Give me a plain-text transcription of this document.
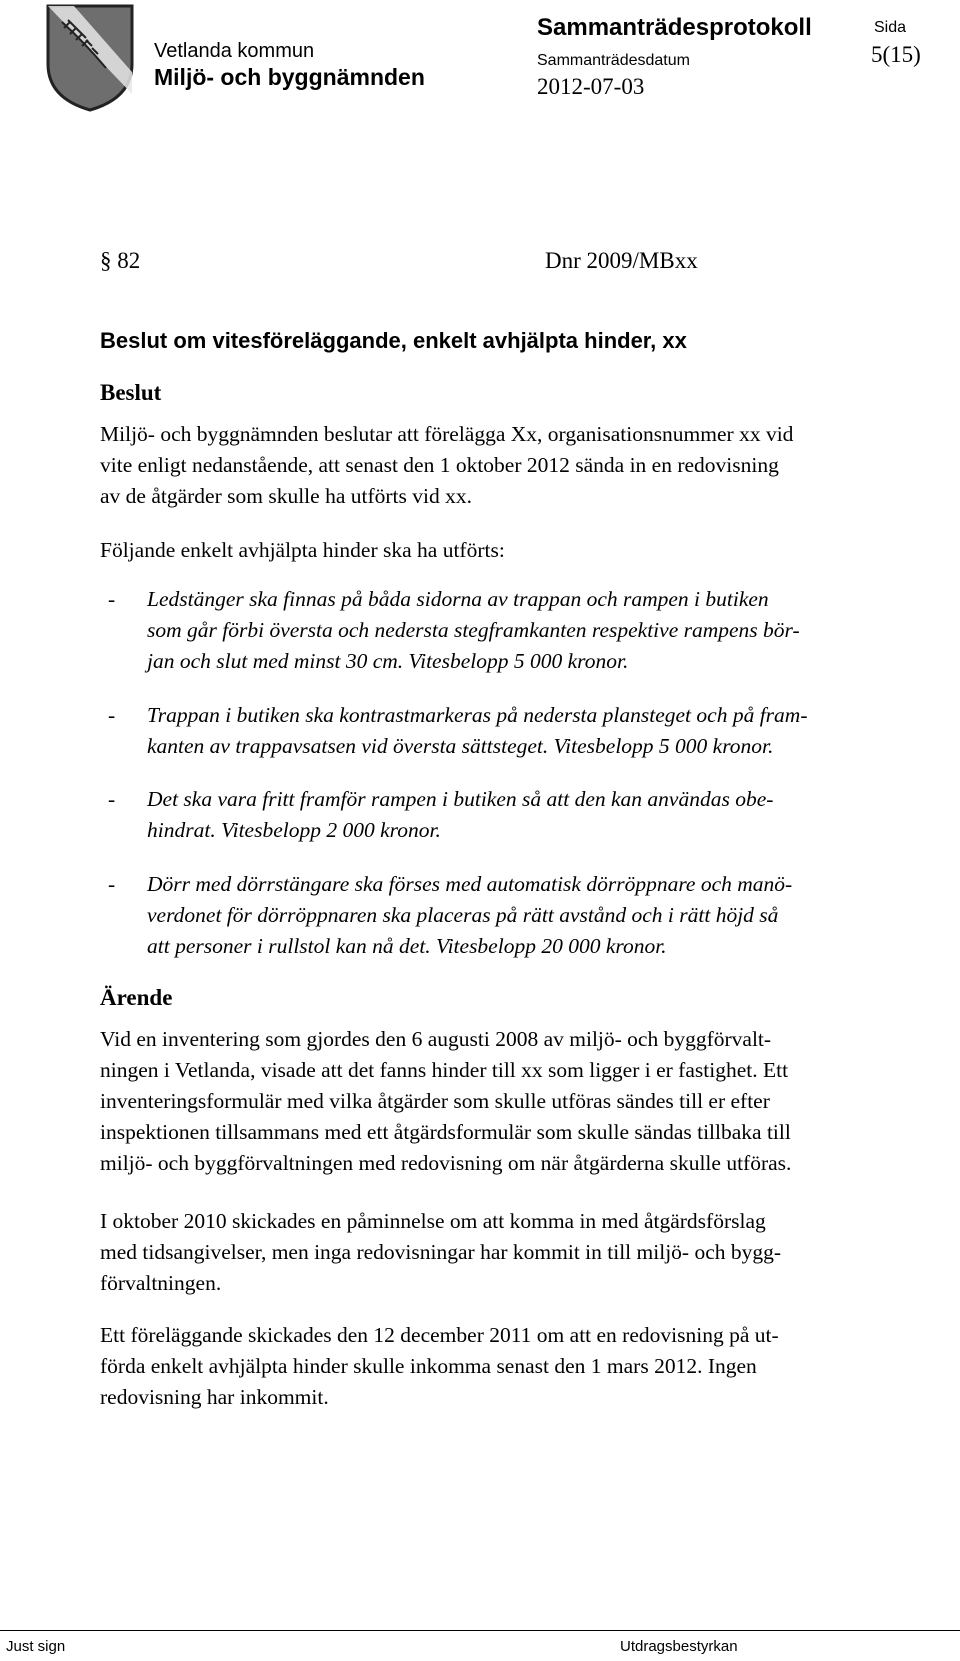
Vetlanda kommun
Miljö- och byggnämnden
Sammanträdesprotokoll
Sammanträdesdatum
2012-07-03
Sida
5(15)
§ 82	Dnr 2009/MBxx
Beslut om vitesföreläggande, enkelt avhjälpta hinder, xx
Beslut
Miljö- och byggnämnden beslutar att förelägga Xx, organisationsnummer xx vid
vite enligt nedanstående, att senast den 1 oktober 2012 sända in en redovisning
av de åtgärder som skulle ha utförts vid xx.
Följande enkelt avhjälpta hinder ska ha utförts:
- Ledstänger ska finnas på båda sidorna av trappan och rampen i butiken
som går förbi översta och nedersta stegframkanten respektive rampens bör-
jan och slut med minst 30 cm. Vitesbelopp 5 000 kronor.
- Trappan i butiken ska kontrastmarkeras på nedersta plansteget och på fram-
kanten av trappavsatsen vid översta sättsteget. Vitesbelopp 5 000 kronor.
- Det ska vara fritt framför rampen i butiken så att den kan användas obe-
hindrat. Vitesbelopp 2 000 kronor.
- Dörr med dörrstängare ska förses med automatisk dörröppnare och manö-
verdonet för dörröppnaren ska placeras på rätt avstånd och i rätt höjd så
att personer i rullstol kan nå det. Vitesbelopp 20 000 kronor.
Ärende
Vid en inventering som gjordes den 6 augusti 2008 av miljö- och byggförvalt-
ningen i Vetlanda, visade att det fanns hinder till xx som ligger i er fastighet. Ett
inventeringsformulär med vilka åtgärder som skulle utföras sändes till er efter
inspektionen tillsammans med ett åtgärdsformulär som skulle sändas tillbaka till
miljö- och byggförvaltningen med redovisning om när åtgärderna skulle utföras.
I oktober 2010 skickades en påminnelse om att komma in med åtgärdsförslag
med tidsangivelser, men inga redovisningar har kommit in till miljö- och bygg-
förvaltningen.
Ett föreläggande skickades den 12 december 2011 om att en redovisning på ut-
förda enkelt avhjälpta hinder skulle inkomma senast den 1 mars 2012. Ingen
redovisning har inkommit.
Just sign	Utdragsbestyrkan
